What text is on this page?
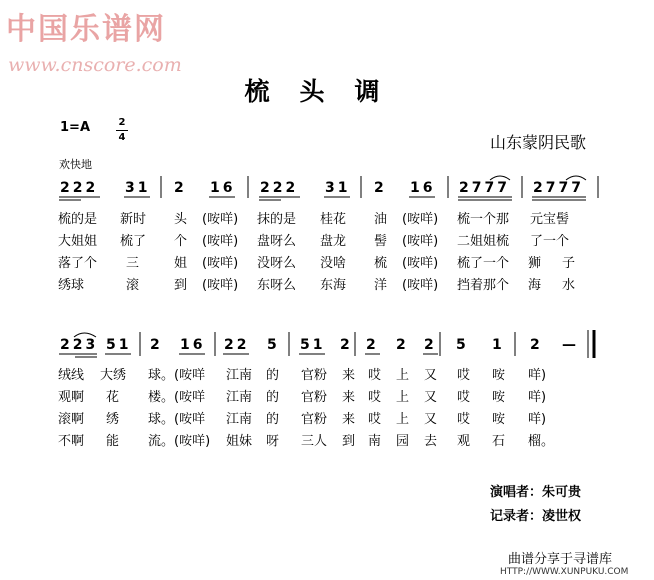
中国乐谱网
www.cnscore.com
梳头调
1=A	2
4	山东蒙阴民歌
欢快地
222 31 2 16 222 31 2 16 2777 2777
梳的是 新时 头 (咹咩) 抹的是 桂花 油 (咹咩) 梳一个那 元宝髻
大姐姐 梳了 个 (咹咩) 盘呀么 盘龙 髻 (咹咩) 二姐姐梳 了一个
落了个 三	姐 (咹咩) 没呀么 没啥 梳 (咹咩) 梳了一个 狮 子
绣球	滚	到 (咹咩) 东呀么 东海 洋 (咹咩) 挡着那个 海 水
223 51 2 16 22 5 51 2 2 2 2 5 1 2 —
绒线 大绣 球。(咹咩 江南 的 官粉 来 哎 上 又 哎 咹 咩)
观啊 花 楼。(咹咩 江南 的 官粉 来 哎 上 又 哎 咹 咩)
滚啊 绣 球。(咹咩 江南 的 官粉 来 哎 上 又 哎 咹 咩)
不啊 能 流。(咹咩) 姐妹 呀 三人 到 南 园 去 观 石 榴。
演唱者：朱可贵
记录者：凌世权
曲谱分享于寻谱库
HTTP://WWW.XUNPUKU.COM
